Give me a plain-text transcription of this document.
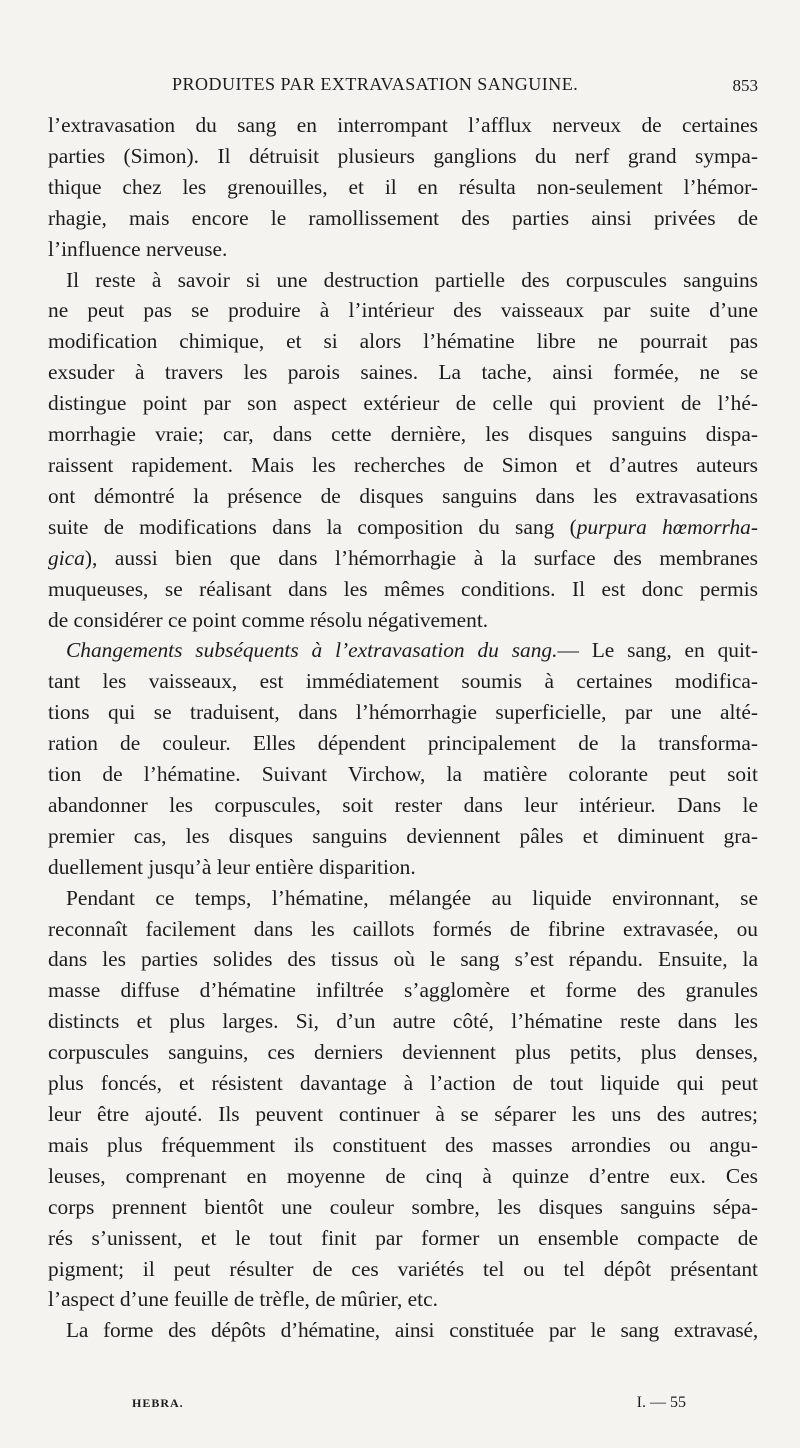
PRODUITES PAR EXTRAVASATION SANGUINE.	853

l’extravasation du sang en interrompant l’afflux nerveux de certaines
parties (Simon). Il détruisit plusieurs ganglions du nerf grand sympa-
thique chez les grenouilles, et il en résulta non-seulement l’hémor-
rhagie, mais encore le ramollissement des parties ainsi privées de
l’influence nerveuse.

Il reste à savoir si une destruction partielle des corpuscules sanguins
ne peut pas se produire à l’intérieur des vaisseaux par suite d’une
modification chimique, et si alors l’hématine libre ne pourrait pas
exsuder à travers les parois saines. La tache, ainsi formée, ne se
distingue point par son aspect extérieur de celle qui provient de l’hé-
morrhagie vraie; car, dans cette dernière, les disques sanguins dispa-
raissent rapidement. Mais les recherches de Simon et d’autres auteurs
ont démontré la présence de disques sanguins dans les extravasations
suite de modifications dans la composition du sang (purpura hœmorrha-
gica), aussi bien que dans l’hémorrhagie à la surface des membranes
muqueuses, se réalisant dans les mêmes conditions. Il est donc permis
de considérer ce point comme résolu négativement.

Changements subséquents à l’extravasation du sang.— Le sang, en quit-
tant les vaisseaux, est immédiatement soumis à certaines modifica-
tions qui se traduisent, dans l’hémorrhagie superficielle, par une alté-
ration de couleur. Elles dépendent principalement de la transforma-
tion de l’hématine. Suivant Virchow, la matière colorante peut soit
abandonner les corpuscules, soit rester dans leur intérieur. Dans le
premier cas, les disques sanguins deviennent pâles et diminuent gra-
duellement jusqu’à leur entière disparition.

Pendant ce temps, l’hématine, mélangée au liquide environnant, se
reconnaît facilement dans les caillots formés de fibrine extravasée, ou
dans les parties solides des tissus où le sang s’est répandu. Ensuite, la
masse diffuse d’hématine infiltrée s’agglomère et forme des granules
distincts et plus larges. Si, d’un autre côté, l’hématine reste dans les
corpuscules sanguins, ces derniers deviennent plus petits, plus denses,
plus foncés, et résistent davantage à l’action de tout liquide qui peut
leur être ajouté. Ils peuvent continuer à se séparer les uns des autres;
mais plus fréquemment ils constituent des masses arrondies ou angu-
leuses, comprenant en moyenne de cinq à quinze d’entre eux. Ces
corps prennent bientôt une couleur sombre, les disques sanguins sépa-
rés s’unissent, et le tout finit par former un ensemble compacte de
pigment; il peut résulter de ces variétés tel ou tel dépôt présentant
l’aspect d’une feuille de trèfle, de mûrier, etc.

La forme des dépôts d’hématine, ainsi constituée par le sang extravasé,

HEBRA.	I. — 55
